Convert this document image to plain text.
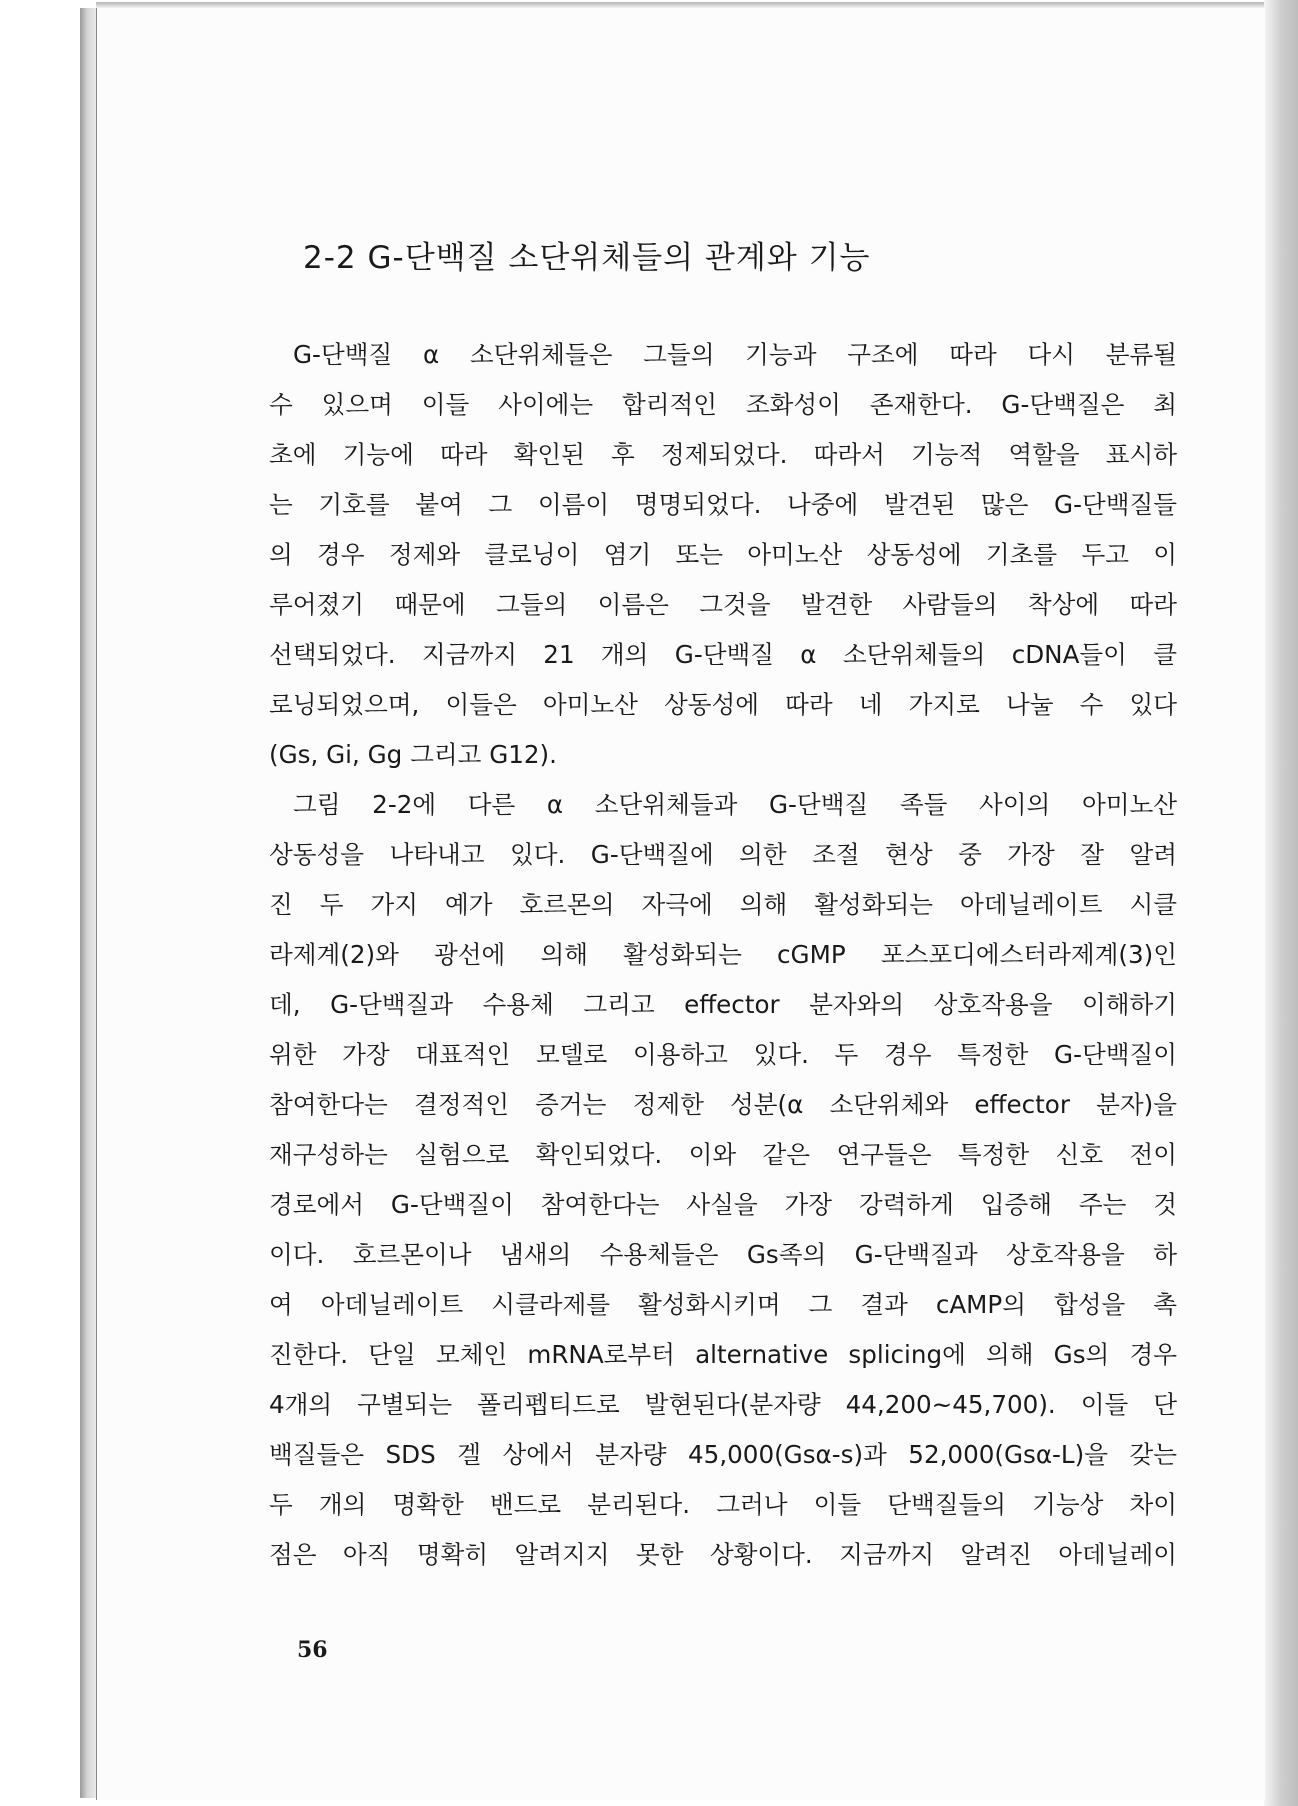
2-2 G-단백질 소단위체들의 관계와 기능
G-단백질 α 소단위체들은 그들의 기능과 구조에 따라 다시 분류될
수 있으며 이들 사이에는 합리적인 조화성이 존재한다. G-단백질은 최
초에 기능에 따라 확인된 후 정제되었다. 따라서 기능적 역할을 표시하
는 기호를 붙여 그 이름이 명명되었다. 나중에 발견된 많은 G-단백질들
의 경우 정제와 클로닝이 염기 또는 아미노산 상동성에 기초를 두고 이
루어졌기 때문에 그들의 이름은 그것을 발견한 사람들의 착상에 따라
선택되었다. 지금까지 21 개의 G-단백질 α 소단위체들의 cDNA들이 클
로닝되었으며, 이들은 아미노산 상동성에 따라 네 가지로 나눌 수 있다
(Gs, Gi, Gg 그리고 G12).
그림 2-2에 다른 α 소단위체들과 G-단백질 족들 사이의 아미노산
상동성을 나타내고 있다. G-단백질에 의한 조절 현상 중 가장 잘 알려
진 두 가지 예가 호르몬의 자극에 의해 활성화되는 아데닐레이트 시클
라제계(2)와 광선에 의해 활성화되는 cGMP 포스포디에스터라제계(3)인
데, G-단백질과 수용체 그리고 effector 분자와의 상호작용을 이해하기
위한 가장 대표적인 모델로 이용하고 있다. 두 경우 특정한 G-단백질이
참여한다는 결정적인 증거는 정제한 성분(α 소단위체와 effector 분자)을
재구성하는 실험으로 확인되었다. 이와 같은 연구들은 특정한 신호 전이
경로에서 G-단백질이 참여한다는 사실을 가장 강력하게 입증해 주는 것
이다. 호르몬이나 냄새의 수용체들은 Gs족의 G-단백질과 상호작용을 하
여 아데닐레이트 시클라제를 활성화시키며 그 결과 cAMP의 합성을 촉
진한다. 단일 모체인 mRNA로부터 alternative splicing에 의해 Gs의 경우
4개의 구별되는 폴리펩티드로 발현된다(분자량 44,200~45,700). 이들 단
백질들은 SDS 겔 상에서 분자량 45,000(Gsα-s)과 52,000(Gsα-L)을 갖는
두 개의 명확한 밴드로 분리된다. 그러나 이들 단백질들의 기능상 차이
점은 아직 명확히 알려지지 못한 상황이다. 지금까지 알려진 아데닐레이

56
